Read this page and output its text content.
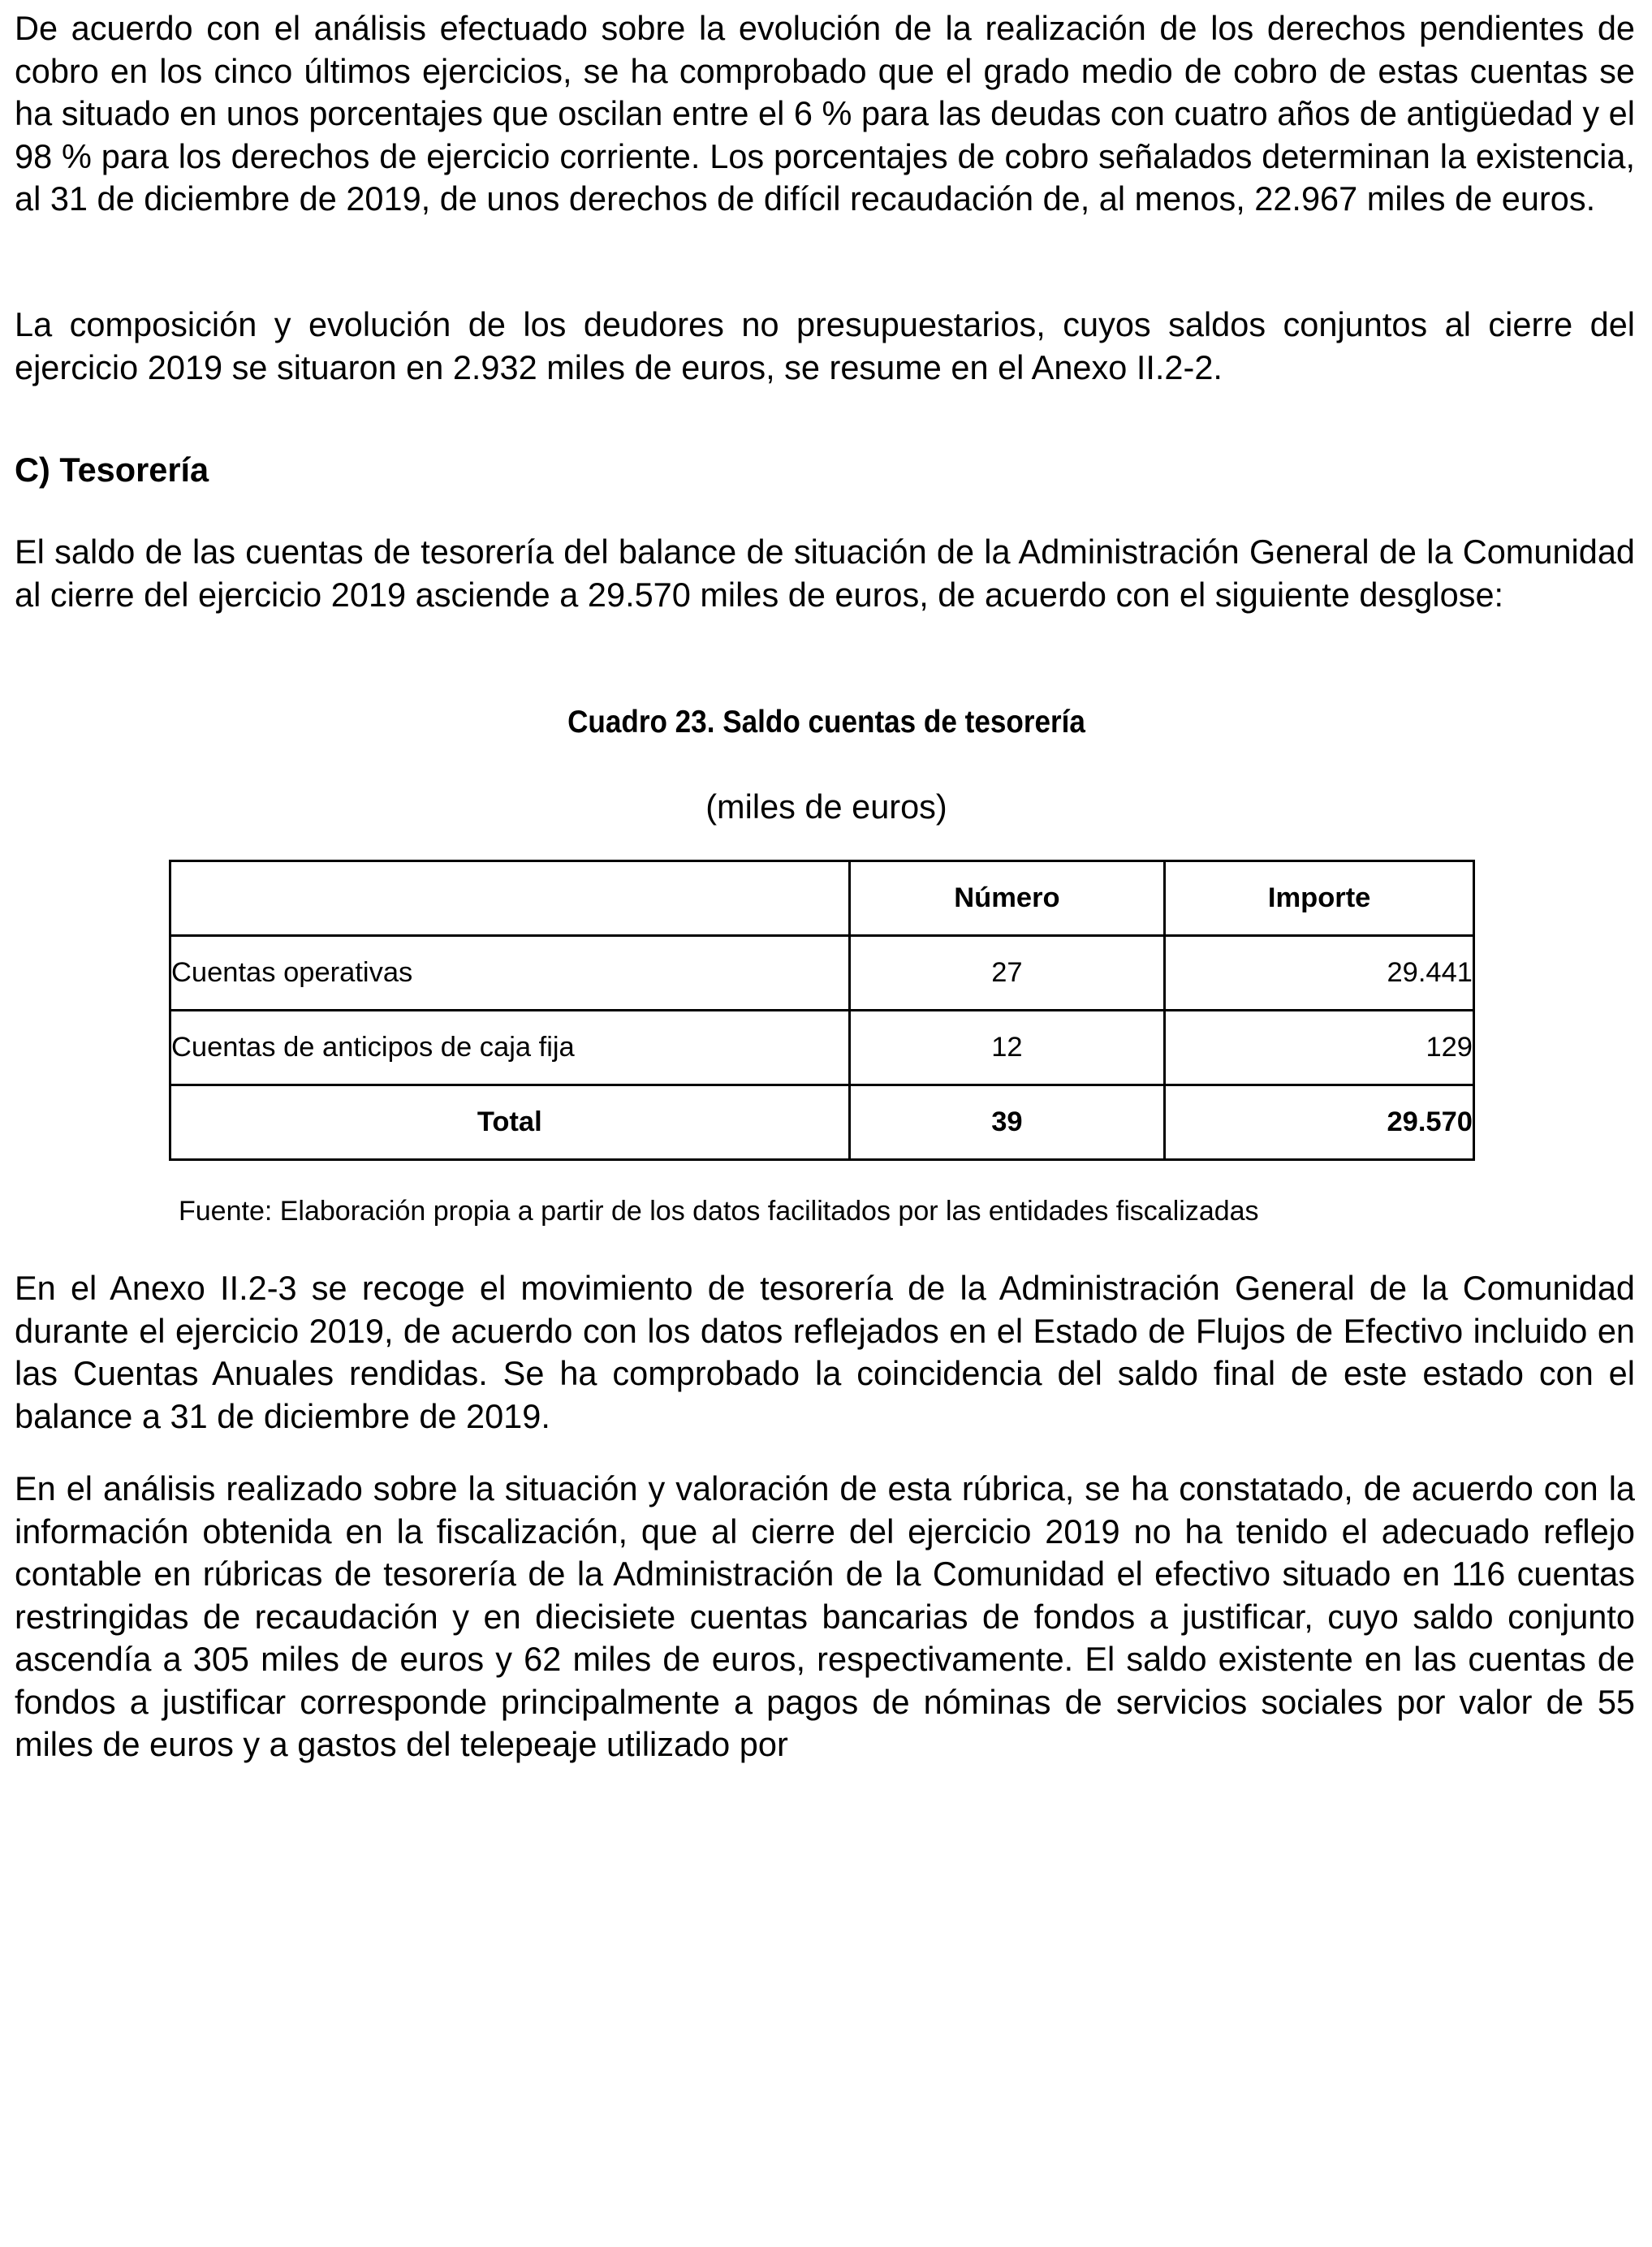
De acuerdo con el análisis efectuado sobre la evolución de la realización de los derechos pendientes de cobro en los cinco últimos ejercicios, se ha comprobado que el grado medio de cobro de estas cuentas se ha situado en unos porcentajes que oscilan entre el 6 % para las deudas con cuatro años de antigüedad y el 98 % para los derechos de ejercicio corriente. Los porcentajes de cobro señalados determinan la existencia, al 31 de diciembre de 2019, de unos derechos de difícil recaudación de, al menos, 22.967 miles de euros.

La composición y evolución de los deudores no presupuestarios, cuyos saldos conjuntos al cierre del ejercicio 2019 se situaron en 2.932 miles de euros, se resume en el Anexo II.2-2.

C) Tesorería

El saldo de las cuentas de tesorería del balance de situación de la Administración General de la Comunidad al cierre del ejercicio 2019 asciende a 29.570 miles de euros, de acuerdo con el siguiente desglose:

Cuadro 23. Saldo cuentas de tesorería

(miles de euros)

	Número	Importe
Cuentas operativas	27	29.441
Cuentas de anticipos de caja fija	12	129
Total	39	29.570

Fuente: Elaboración propia a partir de los datos facilitados por las entidades fiscalizadas

En el Anexo II.2-3 se recoge el movimiento de tesorería de la Administración General de la Comunidad durante el ejercicio 2019, de acuerdo con los datos reflejados en el Estado de Flujos de Efectivo incluido en las Cuentas Anuales rendidas. Se ha comprobado la coincidencia del saldo final de este estado con el balance a 31 de diciembre de 2019.

En el análisis realizado sobre la situación y valoración de esta rúbrica, se ha constatado, de acuerdo con la información obtenida en la fiscalización, que al cierre del ejercicio 2019 no ha tenido el adecuado reflejo contable en rúbricas de tesorería de la Administración de la Comunidad el efectivo situado en 116 cuentas restringidas de recaudación y en diecisiete cuentas bancarias de fondos a justificar, cuyo saldo conjunto ascendía a 305 miles de euros y 62 miles de euros, respectivamente. El saldo existente en las cuentas de fondos a justificar corresponde principalmente a pagos de nóminas de servicios sociales por valor de 55 miles de euros y a gastos del telepeaje utilizado por
